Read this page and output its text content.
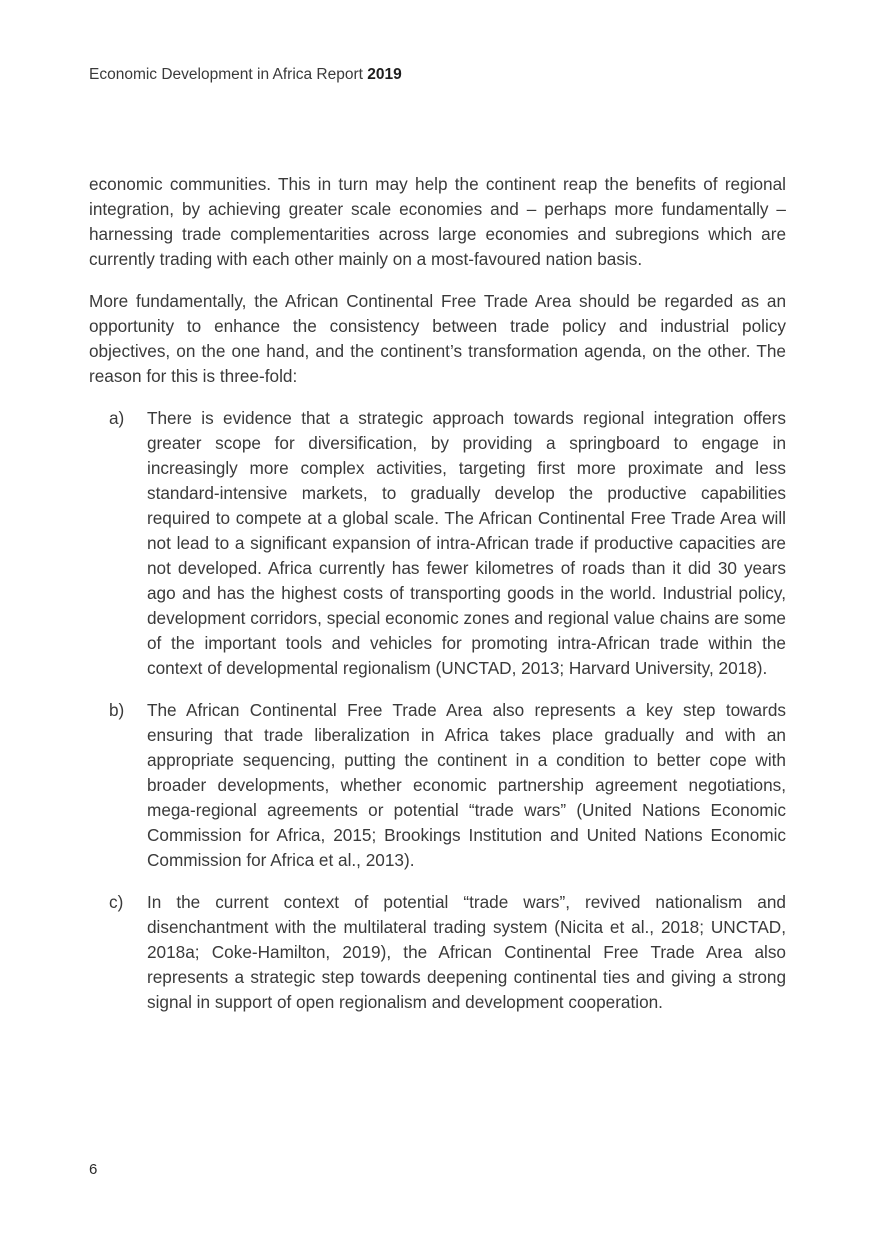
Economic Development in Africa Report 2019

economic communities. This in turn may help the continent reap the benefits of regional integration, by achieving greater scale economies and – perhaps more fundamentally – harnessing trade complementarities across large economies and subregions which are currently trading with each other mainly on a most-favoured nation basis.

More fundamentally, the African Continental Free Trade Area should be regarded as an opportunity to enhance the consistency between trade policy and industrial policy objectives, on the one hand, and the continent’s transformation agenda, on the other. The reason for this is three-fold:

a) There is evidence that a strategic approach towards regional integration offers greater scope for diversification, by providing a springboard to engage in increasingly more complex activities, targeting first more proximate and less standard-intensive markets, to gradually develop the productive capabilities required to compete at a global scale. The African Continental Free Trade Area will not lead to a significant expansion of intra-African trade if productive capacities are not developed. Africa currently has fewer kilometres of roads than it did 30 years ago and has the highest costs of transporting goods in the world. Industrial policy, development corridors, special economic zones and regional value chains are some of the important tools and vehicles for promoting intra-African trade within the context of developmental regionalism (UNCTAD, 2013; Harvard University, 2018).
b) The African Continental Free Trade Area also represents a key step towards ensuring that trade liberalization in Africa takes place gradually and with an appropriate sequencing, putting the continent in a condition to better cope with broader developments, whether economic partnership agreement negotiations, mega-regional agreements or potential “trade wars” (United Nations Economic Commission for Africa, 2015; Brookings Institution and United Nations Economic Commission for Africa et al., 2013).
c) In the current context of potential “trade wars”, revived nationalism and disenchantment with the multilateral trading system (Nicita et al., 2018; UNCTAD, 2018a; Coke-Hamilton, 2019), the African Continental Free Trade Area also represents a strategic step towards deepening continental ties and giving a strong signal in support of open regionalism and development cooperation.
6
